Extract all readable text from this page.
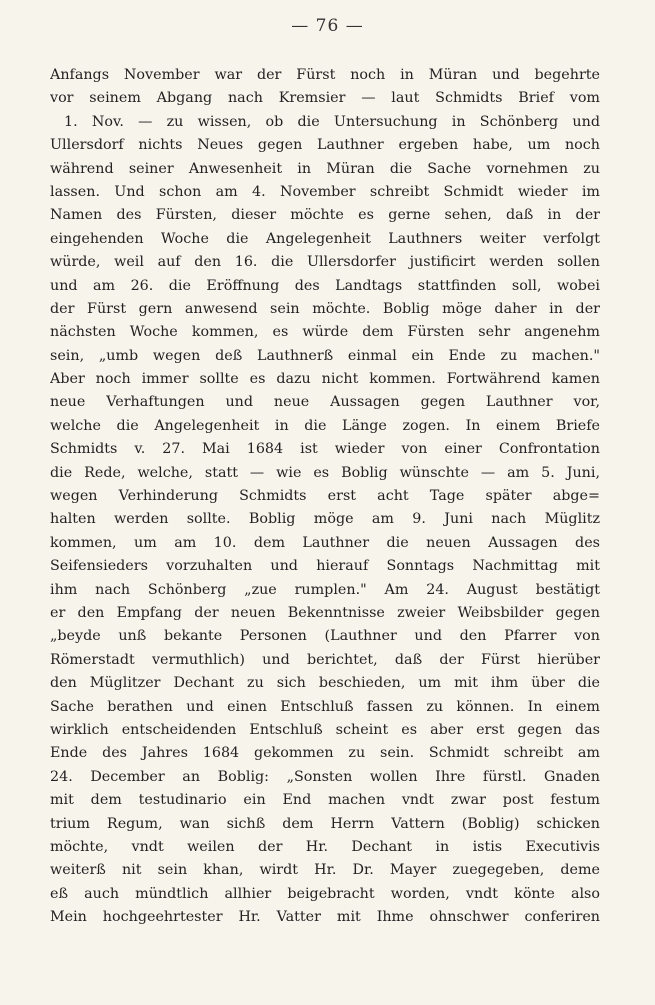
— 76 —
Anfangs November war der Fürst noch in Müran und begehrte
vor seinem Abgang nach Kremsier — laut Schmidts Brief vom
1. Nov. — zu wissen, ob die Untersuchung in Schönberg und
Ullersdorf nichts Neues gegen Lauthner ergeben habe, um noch
während seiner Anwesenheit in Müran die Sache vornehmen zu
lassen. Und schon am 4. November schreibt Schmidt wieder im
Namen des Fürsten, dieser möchte es gerne sehen, daß in der
eingehenden Woche die Angelegenheit Lauthners weiter verfolgt
würde, weil auf den 16. die Ullersdorfer justificirt werden sollen
und am 26. die Eröffnung des Landtags stattfinden soll, wobei
der Fürst gern anwesend sein möchte. Boblig möge daher in der
nächsten Woche kommen, es würde dem Fürsten sehr angenehm
sein, „umb wegen deß Lauthnerß einmal ein Ende zu machen."
Aber noch immer sollte es dazu nicht kommen. Fortwährend kamen
neue Verhaftungen und neue Aussagen gegen Lauthner vor,
welche die Angelegenheit in die Länge zogen. In einem Briefe
Schmidts v. 27. Mai 1684 ist wieder von einer Confrontation
die Rede, welche, statt — wie es Boblig wünschte — am 5. Juni,
wegen Verhinderung Schmidts erst acht Tage später abge=
halten werden sollte. Boblig möge am 9. Juni nach Müglitz
kommen, um am 10. dem Lauthner die neuen Aussagen des
Seifensieders vorzuhalten und hierauf Sonntags Nachmittag mit
ihm nach Schönberg „zue rumplen." Am 24. August bestätigt
er den Empfang der neuen Bekenntnisse zweier Weibsbilder gegen
„beyde unß bekante Personen (Lauthner und den Pfarrer von
Römerstadt vermuthlich) und berichtet, daß der Fürst hierüber
den Müglitzer Dechant zu sich beschieden, um mit ihm über die
Sache berathen und einen Entschluß fassen zu können. In einem
wirklich entscheidenden Entschluß scheint es aber erst gegen das
Ende des Jahres 1684 gekommen zu sein. Schmidt schreibt am
24. December an Boblig: „Sonsten wollen Ihre fürstl. Gnaden
mit dem testudinario ein End machen vndt zwar post festum
trium Regum, wan sichß dem Herrn Vattern (Boblig) schicken
möchte, vndt weilen der Hr. Dechant in istis Executivis
weiterß nit sein khan, wirdt Hr. Dr. Mayer zuegegeben, deme
eß auch mündtlich allhier beigebracht worden, vndt könte also
Mein hochgeehrtester Hr. Vatter mit Ihme ohnschwer conferiren
